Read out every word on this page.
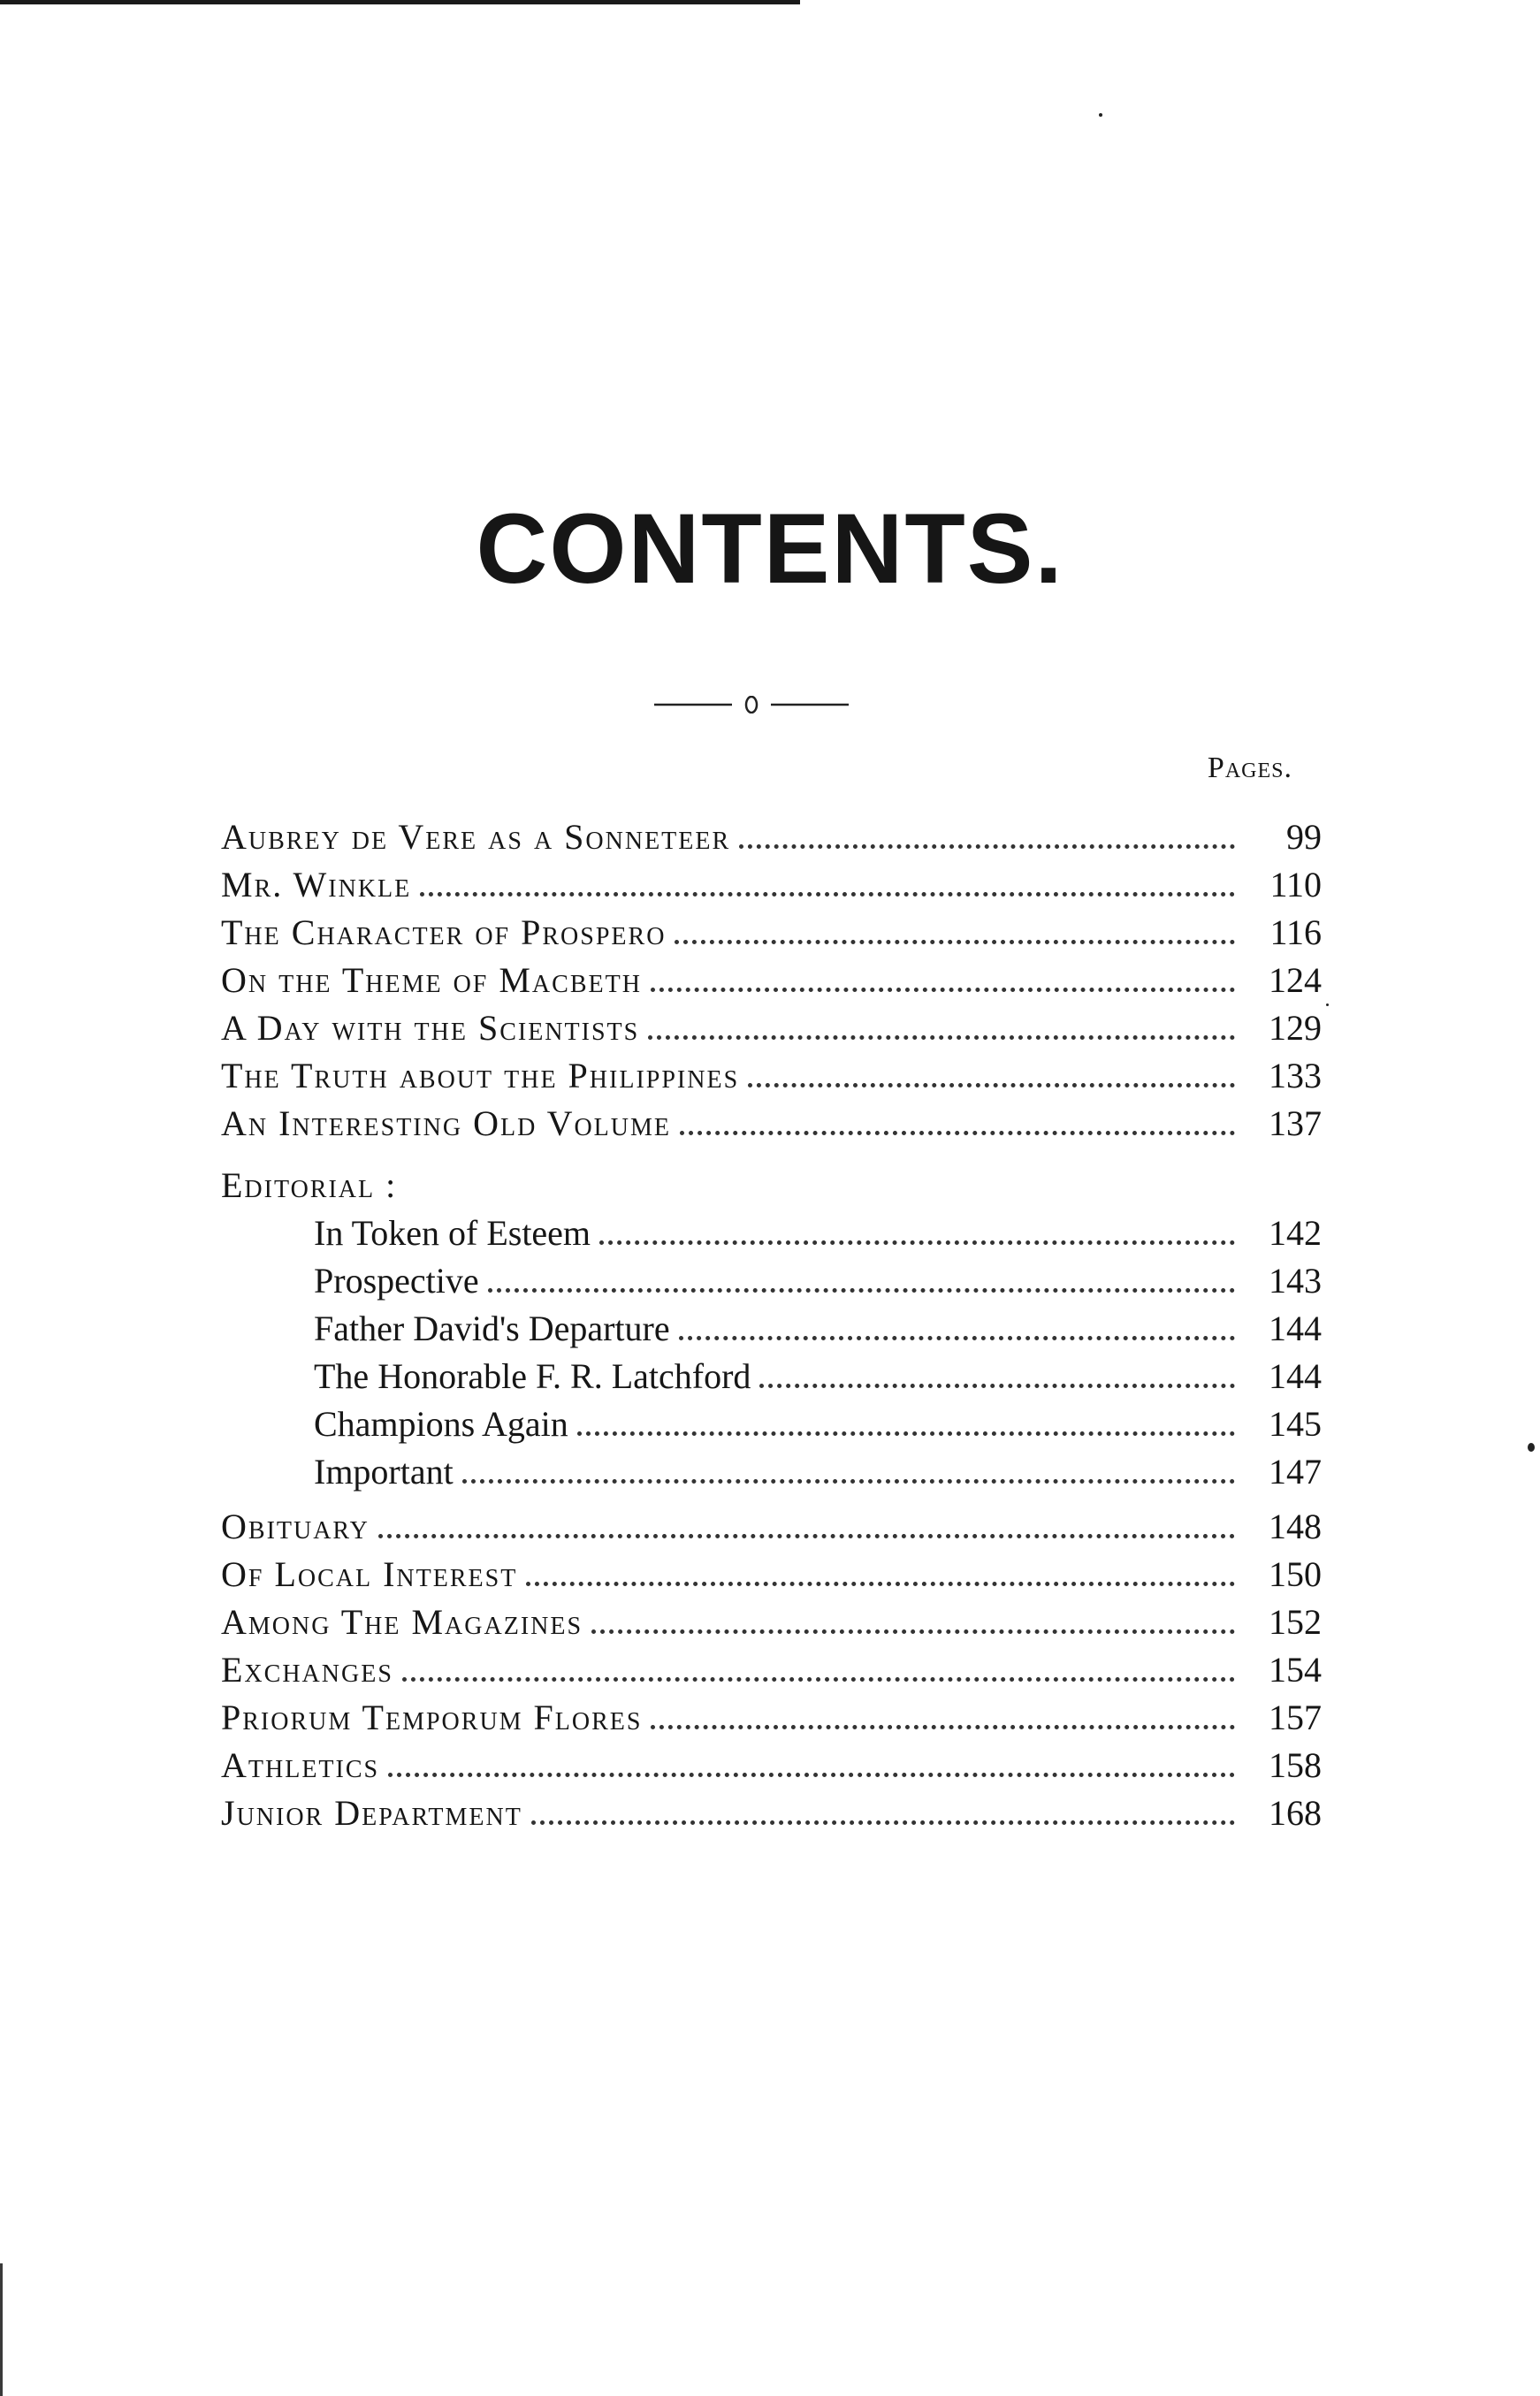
CONTENTS.
Pages.
Aubrey de Vere as a Sonneteer	99
Mr. Winkle	110
The Character of Prospero	116
On the Theme of Macbeth	124
A Day with the Scientists	129
The Truth about the Philippines	133
An Interesting Old Volume	137
Editorial :
In Token of Esteem	142
Prospective	143
Father David's Departure	144
The Honorable F. R. Latchford	144
Champions Again	145
Important	147
Obituary	148
Of Local Interest	150
Among The Magazines	152
Exchanges	154
Priorum Temporum Flores	157
Athletics	158
Junior Department	168
